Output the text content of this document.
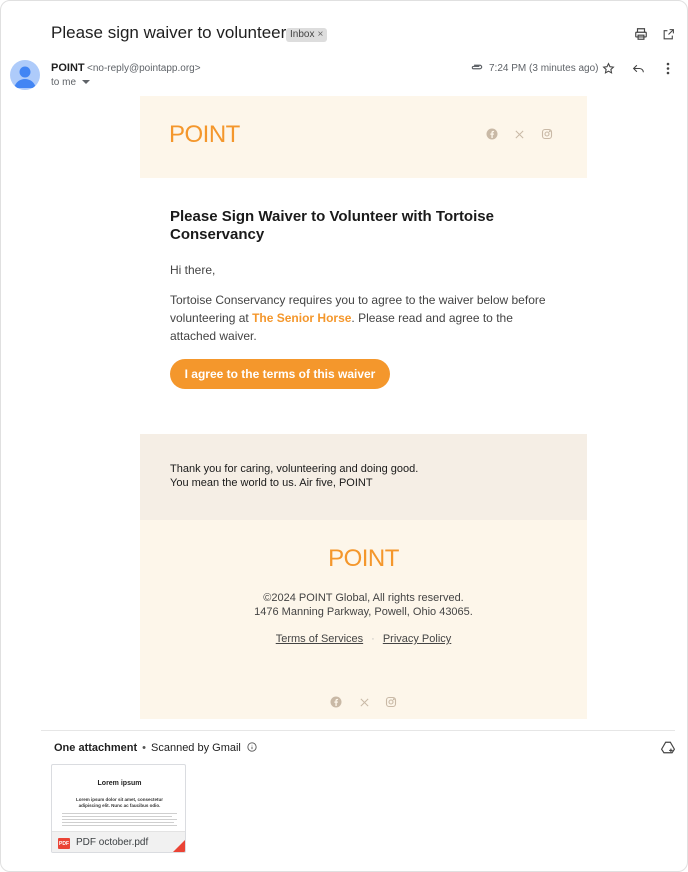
Please sign waiver to volunteer Inbox ×
POINT <no-reply@pointapp.org>
to me
7:24 PM (3 minutes ago)
POINT
Please Sign Waiver to Volunteer with Tortoise Conservancy
Hi there,
Tortoise Conservancy requires you to agree to the waiver below before volunteering at The Senior Horse. Please read and agree to the attached waiver.
I agree to the terms of this waiver
Thank you for caring, volunteering and doing good.
You mean the world to us. Air five, POINT
POINT
©2024 POINT Global, All rights reserved.
1476 Manning Parkway, Powell, Ohio 43065.
Terms of Services · Privacy Policy
One attachment • Scanned by Gmail
Lorem ipsum
Lorem ipsum dolor sit amet, consectetur adipiscing elit. Nunc ac faucibus odio.
PDF PDF october.pdf
